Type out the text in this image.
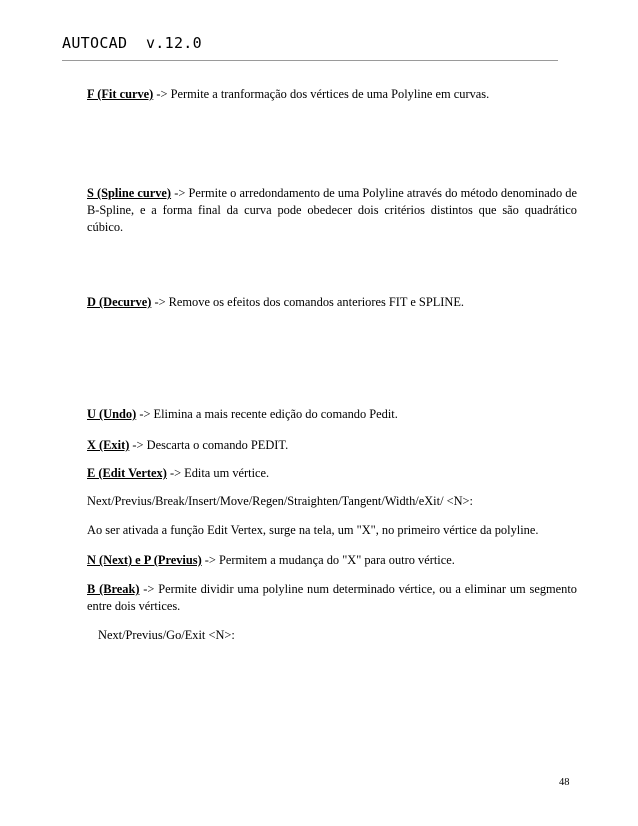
AUTOCAD  v.12.0

F (Fit curve) -> Permite a tranformação dos vértices de uma Polyline em curvas.

S (Spline curve) -> Permite o arredondamento de uma Polyline através do método denominado de B-Spline, e a forma final da curva pode obedecer dois critérios distintos que são quadrático cúbico.

D (Decurve) -> Remove os efeitos dos comandos anteriores FIT e SPLINE.

U (Undo) -> Elimina a mais recente edição do comando Pedit.

X (Exit) -> Descarta o comando PEDIT.

E (Edit Vertex) -> Edita um vértice.

Next/Previus/Break/Insert/Move/Regen/Straighten/Tangent/Width/eXit/ <N>:

Ao ser ativada a função Edit Vertex, surge na tela, um "X", no primeiro vértice da polyline.

N (Next) e P (Previus) -> Permitem a mudança do "X" para outro vértice.

B (Break) -> Permite dividir uma polyline num determinado vértice, ou a eliminar um segmento entre dois vértices.

Next/Previus/Go/Exit <N>:

48
